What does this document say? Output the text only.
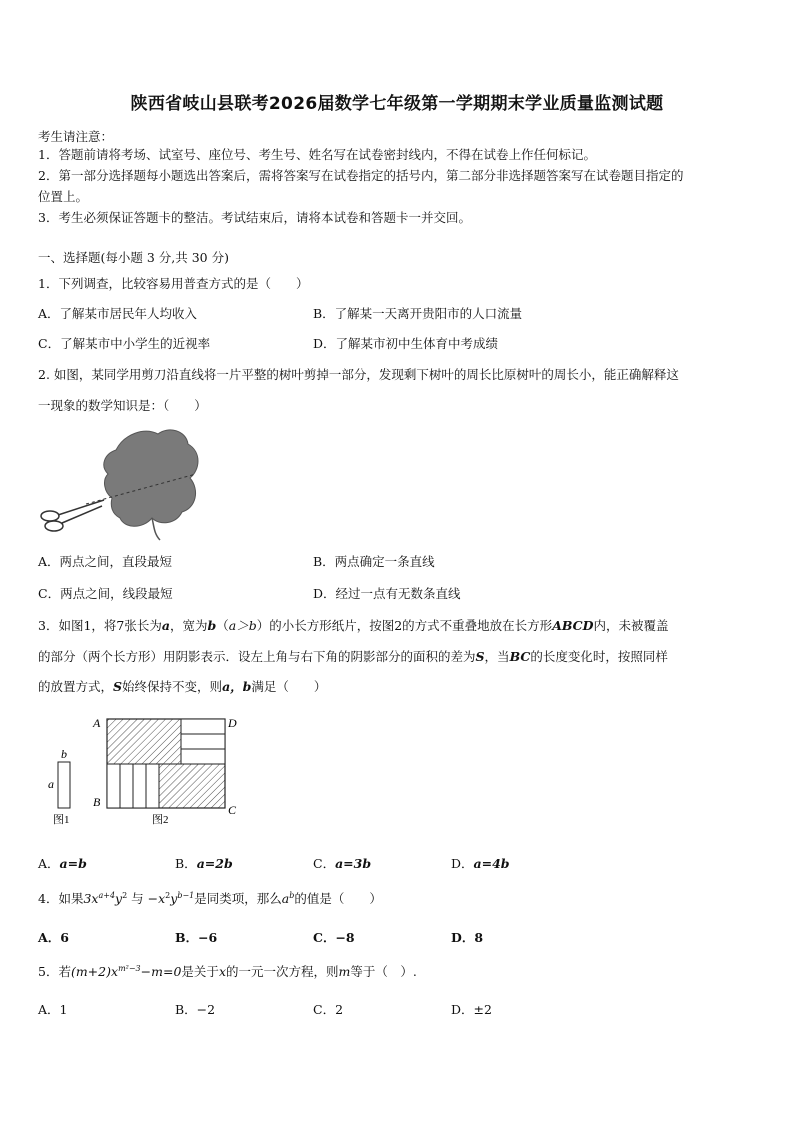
陕西省岐山县联考2026届数学七年级第一学期期末学业质量监测试题
考生请注意：
1．答题前请将考场、试室号、座位号、考生号、姓名写在试卷密封线内，不得在试卷上作任何标记。
2．第一部分选择题每小题选出答案后，需将答案写在试卷指定的括号内，第二部分非选择题答案写在试卷题目指定的
位置上。
3．考生必须保证答题卡的整洁。考试结束后，请将本试卷和答题卡一并交回。
一、选择题(每小题 3 分,共 30 分)
1．下列调查，比较容易用普查方式的是（　　）
A．了解某市居民年人均收入	B．了解某一天离开贵阳市的人口流量
C．了解某市中小学生的近视率	D．了解某市初中生体育中考成绩
2. 如图，某同学用剪刀沿直线将一片平整的树叶剪掉一部分，发现剩下树叶的周长比原树叶的周长小，能正确解释这
一现象的数学知识是：（　　）
A．两点之间，直段最短	B．两点确定一条直线
C．两点之间，线段最短	D．经过一点有无数条直线
3．如图1，将7张长为a，宽为b（a＞b）的小长方形纸片，按图2的方式不重叠地放在长方形ABCD内，未被覆盖
的部分（两个长方形）用阴影表示．设左上角与右下角的阴影部分的面积的差为S，当BC的长度变化时，按照同样
的放置方式，S始终保持不变，则a，b满足（　　）
b
a
图1
A	D
B
C
图2
A．a=b	B．a=2b	C．a=3b	D．a=4b
4．如果$3x^{a+4}y^2$ 与 $-x^2y^{b-1}$是同类项，那么$a^b$的值是（　　）
A．6	B．−6	C．−8	D．8
5．若$(m+2)x^{m^2-3}-m=0$是关于x的一元一次方程，则m等于（　）.
A．1	B．−2	C．2	D．±2
